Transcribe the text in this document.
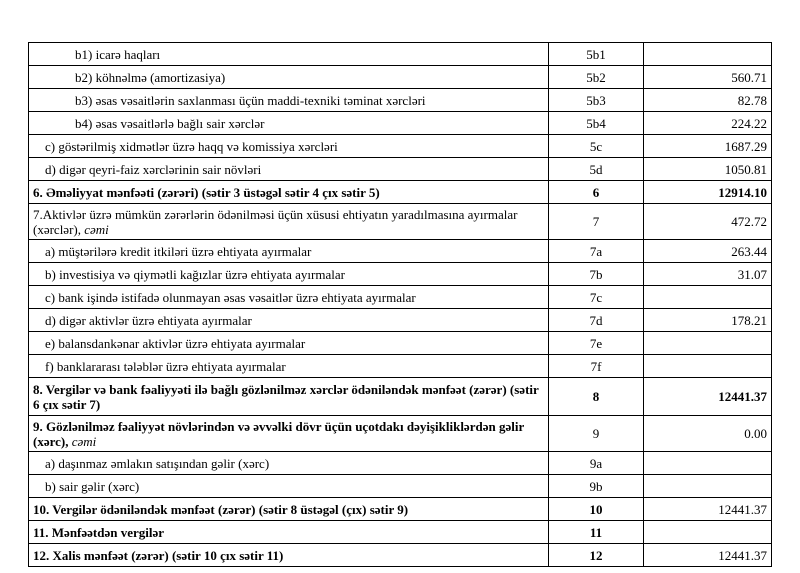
b1) icarə haqları	5b1	
b2) köhnəlmə (amortizasiya)	5b2	560.71
b3) əsas vəsaitlərin saxlanması üçün maddi-texniki təminat xərcləri	5b3	82.78
b4) əsas vəsaitlərlə bağlı sair xərclər	5b4	224.22
c) göstərilmiş xidmətlər üzrə haqq və komissiya xərcləri	5c	1687.29
d) digər qeyri-faiz xərclərinin sair növləri	5d	1050.81
6. Əməliyyat mənfəəti (zərəri) (sətir 3 üstəgəl sətir 4 çıx sətir 5)	6	12914.10
7.Aktivlər üzrə mümkün zərərlərin ödənilməsi üçün xüsusi ehtiyatın yaradılmasına ayırmalar (xərclər), cəmi	7	472.72
a) müştərilərə kredit itkiləri üzrə ehtiyata ayırmalar	7a	263.44
b) investisiya və qiymətli kağızlar üzrə ehtiyata ayırmalar	7b	31.07
c) bank işində istifadə olunmayan əsas vəsaitlər üzrə ehtiyata ayırmalar	7c	
d) digər aktivlər üzrə ehtiyata ayırmalar	7d	178.21
e) balansdankənar aktivlər üzrə ehtiyata ayırmalar	7e	
f) banklararası tələblər üzrə ehtiyata ayırmalar	7f	
8. Vergilər və bank fəaliyyəti ilə bağlı gözlənilməz xərclər ödəniləndək mənfəət (zərər) (sətir 6 çıx sətir 7)	8	12441.37
9. Gözlənilməz fəaliyyət növlərindən və əvvəlki dövr üçün uçotdakı dəyişikliklərdən gəlir (xərc), cəmi	9	0.00
a) daşınmaz əmlakın satışından gəlir (xərc)	9a	
b) sair gəlir (xərc)	9b	
10. Vergilər ödəniləndək mənfəət (zərər) (sətir 8 üstəgəl (çıx) sətir 9)	10	12441.37
11. Mənfəətdən vergilər	11	
12. Xalis mənfəət (zərər) (sətir 10 çıx sətir 11)	12	12441.37
